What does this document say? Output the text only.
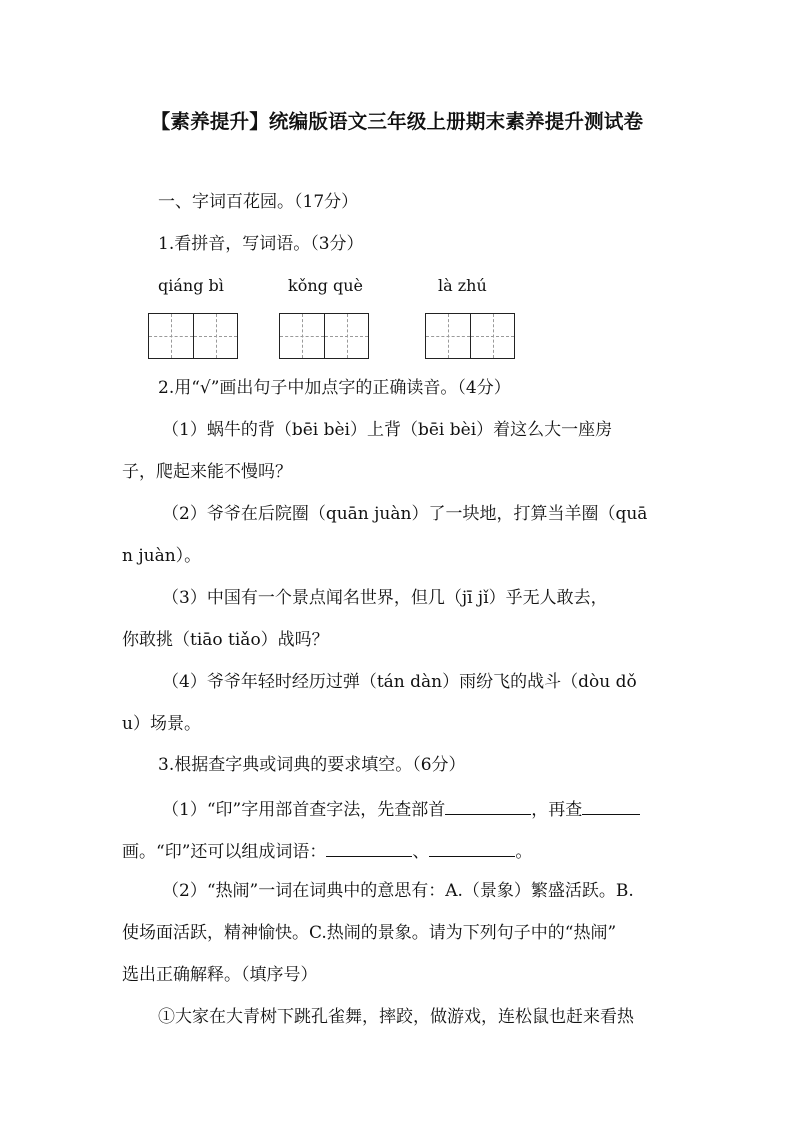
【素养提升】统编版语文三年级上册期末素养提升测试卷
一、字词百花园。（17分）
1.看拼音，写词语。（3分）
qiáng bì	kǒng què	là zhú
2.用“√”画出句子中加点字的正确读音。（4分）
（1）蜗牛的背（bēi bèi）上背（bēi bèi）着这么大一座房
子，爬起来能不慢吗？
（2）爷爷在后院圈（quān juàn）了一块地，打算当羊圈（quā
n juàn）。
（3）中国有一个景点闻名世界，但几（jī jǐ）乎无人敢去，
你敢挑（tiāo tiǎo）战吗？
（4）爷爷年轻时经历过弹（tán dàn）雨纷飞的战斗（dòu dǒ
u）场景。
3.根据查字典或词典的要求填空。（6分）
（1）“印”字用部首查字法，先查部首	，再查
画。“印”还可以组成词语：	、	。
（2）“热闹”一词在词典中的意思有：A.（景象）繁盛活跃。B.
使场面活跃，精神愉快。C.热闹的景象。请为下列句子中的“热闹”
选出正确解释。（填序号）
①大家在大青树下跳孔雀舞，摔跤，做游戏，连松鼠也赶来看热
